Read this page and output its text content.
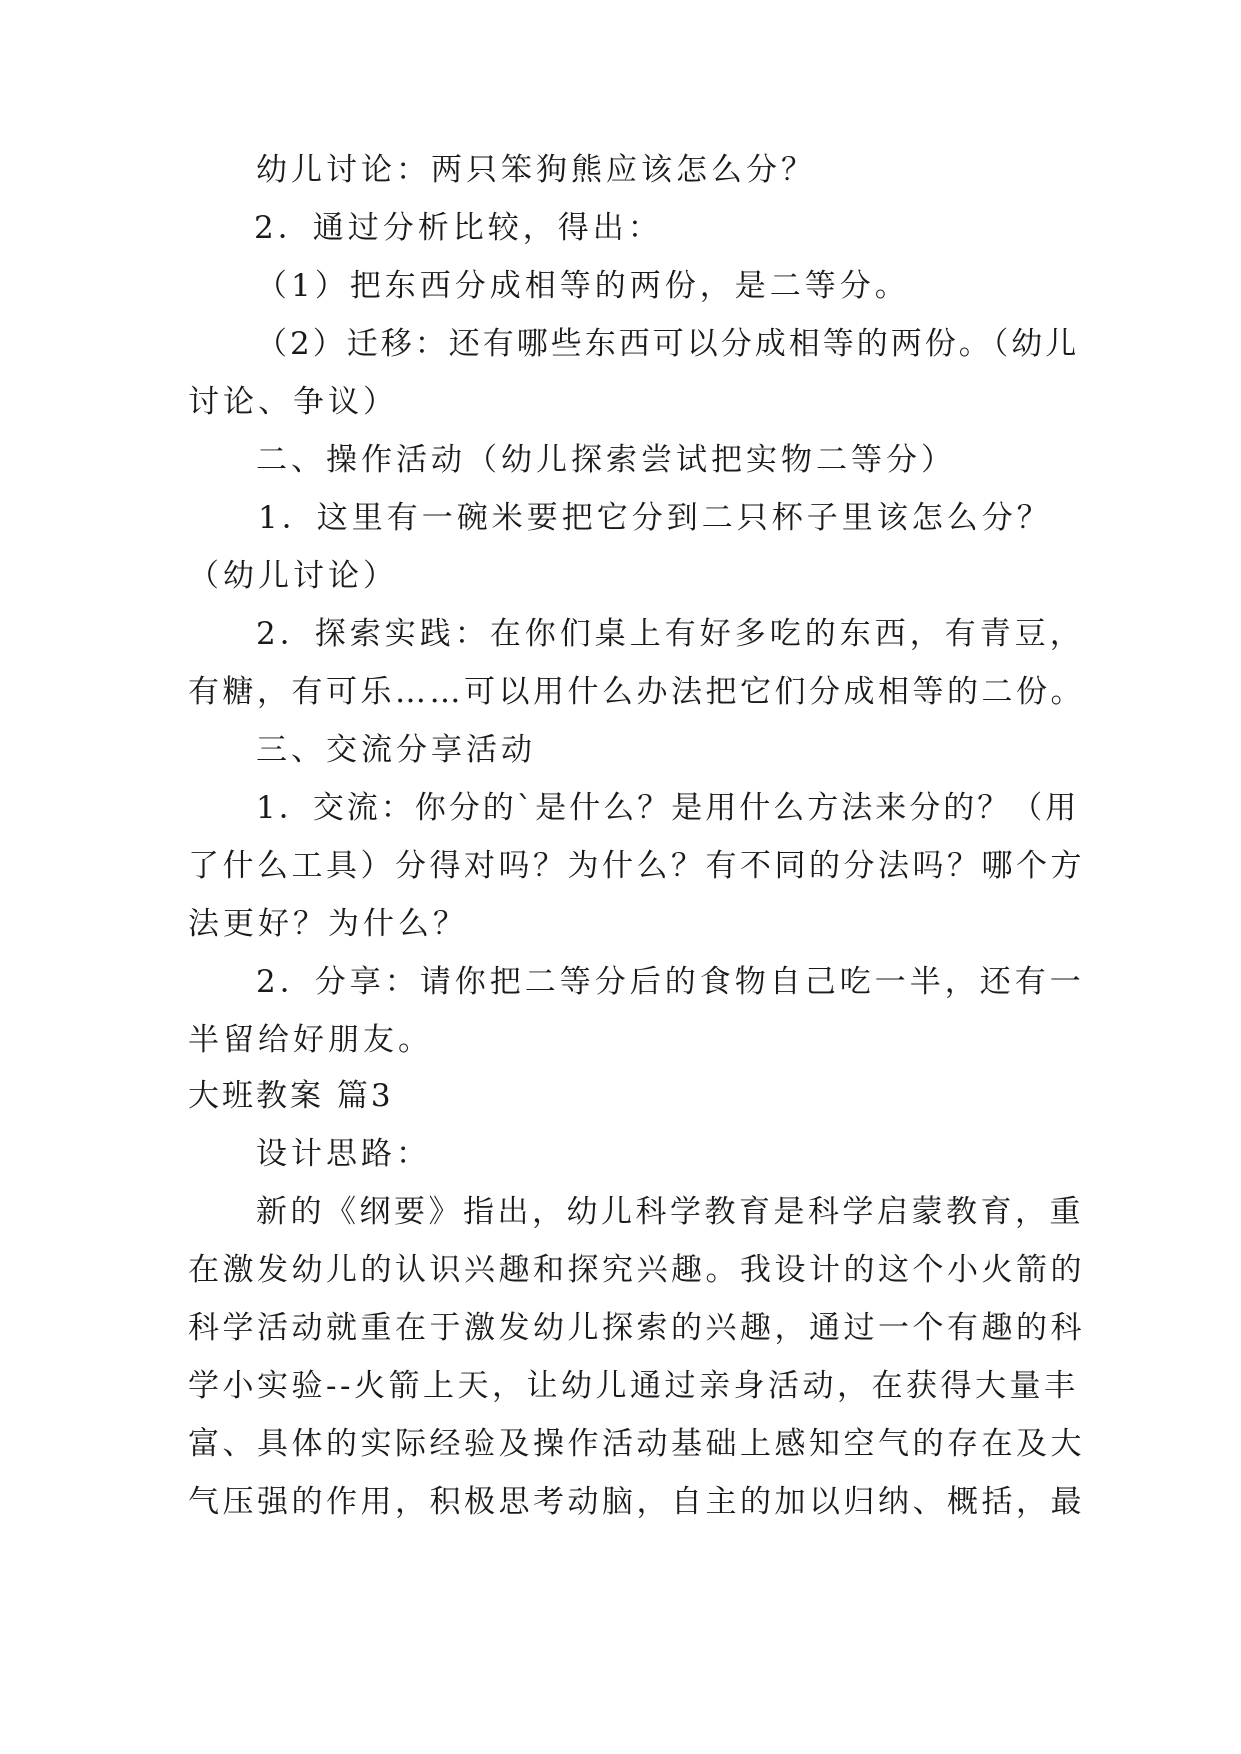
幼儿讨论：两只笨狗熊应该怎么分？
2．通过分析比较，得出：
（1）把东西分成相等的两份，是二等分。
（2）迁移：还有哪些东西可以分成相等的两份。（幼儿
讨论、争议）
二、操作活动（幼儿探索尝试把实物二等分）
1．这里有一碗米要把它分到二只杯子里该怎么分？
（幼儿讨论）
2．探索实践：在你们桌上有好多吃的东西，有青豆，
有糖，有可乐……可以用什么办法把它们分成相等的二份。
三、交流分享活动
1．交流：你分的`是什么？是用什么方法来分的？（用
了什么工具）分得对吗？为什么？有不同的分法吗？哪个方
法更好？为什么？
2．分享：请你把二等分后的食物自己吃一半，还有一
半留给好朋友。
大班教案 篇3
设计思路：
新的《纲要》指出，幼儿科学教育是科学启蒙教育，重
在激发幼儿的认识兴趣和探究兴趣。我设计的这个小火箭的
科学活动就重在于激发幼儿探索的兴趣，通过一个有趣的科
学小实验--火箭上天，让幼儿通过亲身活动，在获得大量丰
富、具体的实际经验及操作活动基础上感知空气的存在及大
气压强的作用，积极思考动脑，自主的加以归纳、概括，最
